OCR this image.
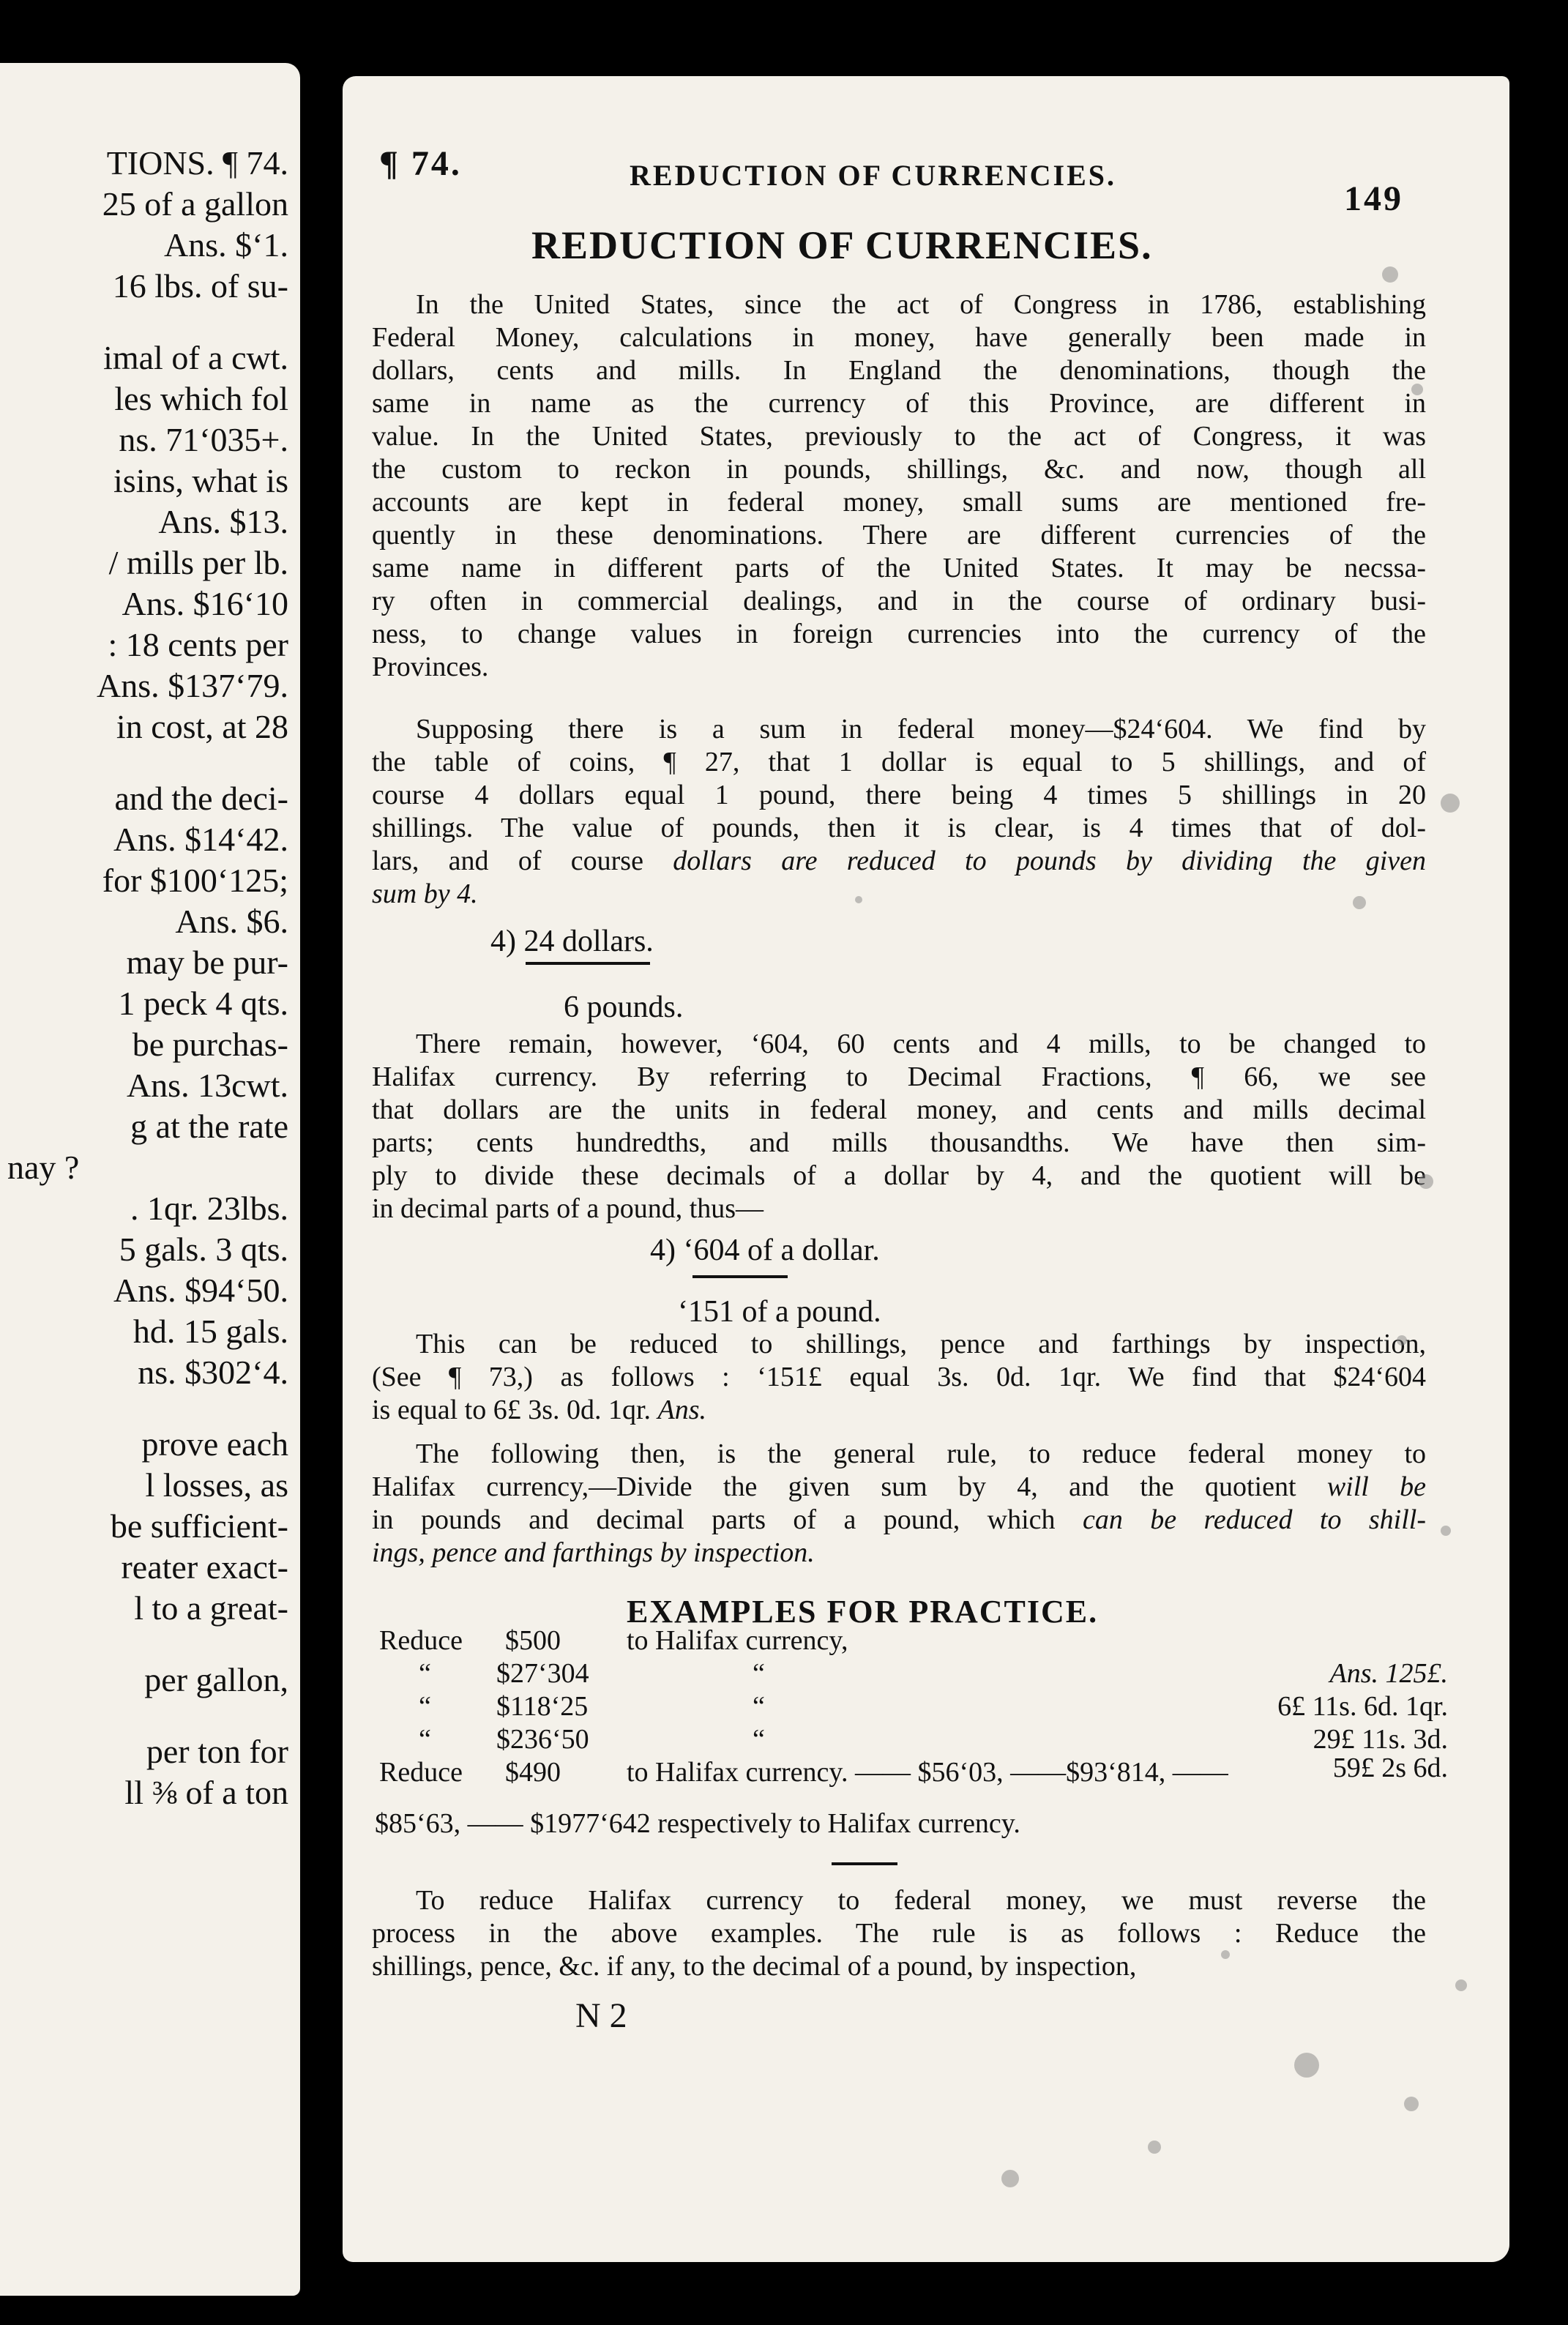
TIONS. ¶ 74.
25 of a gallon
Ans. $‘1.
16 lbs. of su-
imal of a cwt.
les which fol
ns. 71‘035+.
isins, what is
Ans. $13.
/ mills per lb.
Ans. $16‘10
: 18 cents per
Ans. $137‘79.
in cost, at 28
and the deci-
Ans. $14‘42.
for $100‘125;
Ans. $6.
may be pur-
1 peck 4 qts.
be purchas-
Ans. 13cwt.
g at the rate
nay ?
. 1qr. 23lbs.
5 gals. 3 qts.
Ans. $94‘50.
hd. 15 gals.
ns. $302‘4.
prove each
l losses, as
be sufficient-
reater exact-
l to a great-
per gallon,
per ton for
ll ⅜ of a ton
¶ 74.	REDUCTION OF CURRENCIES.
149
REDUCTION OF CURRENCIES.
In the United States, since the act of Congress in 1786, establishing
Federal Money, calculations in money, have generally been made in
dollars, cents and mills. In England the denominations, though the
same in name as the currency of this Province, are different in
value. In the United States, previously to the act of Congress, it was
the custom to reckon in pounds, shillings, &c. and now, though all
accounts are kept in federal money, small sums are mentioned fre-
quently in these denominations. There are different currencies of the
same name in different parts of the United States. It may be necssa-
ry often in commercial dealings, and in the course of ordinary busi-
ness, to change values in foreign currencies into the currency of the
Provinces.
Supposing there is a sum in federal money—$24‘604. We find by
the table of coins, ¶ 27, that 1 dollar is equal to 5 shillings, and of
course 4 dollars equal 1 pound, there being 4 times 5 shillings in 20
shillings. The value of pounds, then it is clear, is 4 times that of dol-
lars, and of course dollars are reduced to pounds by dividing the given
sum by 4.
4) 24 dollars.
6 pounds.
There remain, however, ‘604, 60 cents and 4 mills, to be changed to
Halifax currency. By referring to Decimal Fractions, ¶ 66, we see
that dollars are the units in federal money, and cents and mills decimal
parts; cents hundredths, and mills thousandths. We have then sim-
ply to divide these decimals of a dollar by 4, and the quotient will be
in decimal parts of a pound, thus—
4) ‘604 of a dollar.
‘151 of a pound.
This can be reduced to shillings, pence and farthings by inspection,
(See ¶ 73,) as follows : ‘151£ equal 3s. 0d. 1qr. We find that $24‘604
is equal to 6£ 3s. 0d. 1qr. Ans.
The following then, is the general rule, to reduce federal money to
Halifax currency,—Divide the given sum by 4, and the quotient will be
in pounds and decimal parts of a pound, which can be reduced to shill-
ings, pence and farthings by inspection.
EXAMPLES FOR PRACTICE.
$85‘63, —— $1977‘642 respectively to Halifax currency.
To reduce Halifax currency to federal money, we must reverse the
process in the above examples. The rule is as follows : Reduce the
shillings, pence, &c. if any, to the decimal of a pound, by inspection,
N 2
Reduce $500 to Halifax currency,
“ $27‘304	“	Ans. 125£.
“ $118‘25	“	6£ 11s. 6d. 1qr.
“ $236‘50	“	29£ 11s. 3d.
Reduce $490 to Halifax currency. —— $56‘03, ——$93‘814, ——	59£ 2s 6d.
